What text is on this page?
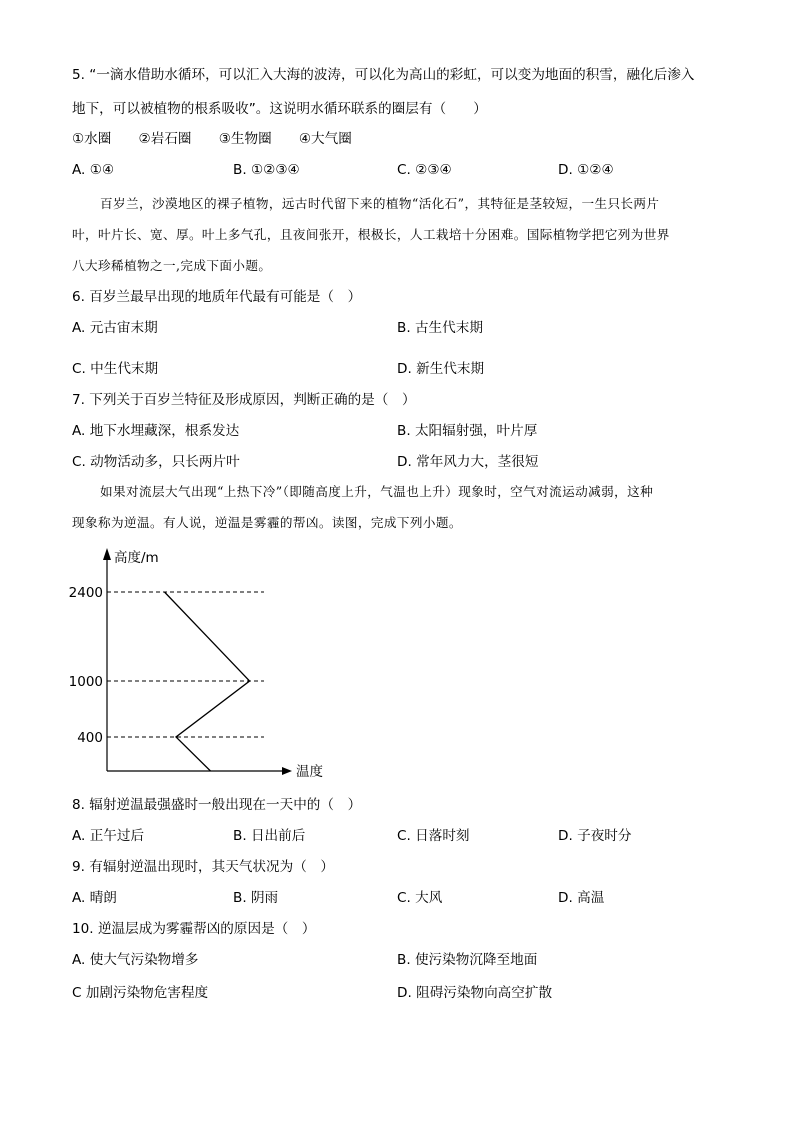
5. “一滴水借助水循环，可以汇入大海的波涛，可以化为高山的彩虹，可以变为地面的积雪，融化后渗入
地下，可以被植物的根系吸收”。这说明水循环联系的圈层有（　　）
①水圈　　②岩石圈　　③生物圈　　④大气圈
A. ①④	B. ①②③④	C. ②③④	D. ①②④
百岁兰，沙漠地区的裸子植物，远古时代留下来的植物“活化石”，其特征是茎较短，一生只长两片
叶，叶片长、宽、厚。叶上多气孔，且夜间张开，根极长，人工栽培十分困难。国际植物学把它列为世界
八大珍稀植物之一,完成下面小题。
6. 百岁兰最早出现的地质年代最有可能是（　）
A. 元古宙末期	B. 古生代末期
C. 中生代末期	D. 新生代末期
7. 下列关于百岁兰特征及形成原因，判断正确的是（　）
A. 地下水埋藏深，根系发达	B. 太阳辐射强，叶片厚
C. 动物活动多，只长两片叶	D. 常年风力大，茎很短
如果对流层大气出现“上热下冷”（即随高度上升，气温也上升）现象时，空气对流运动减弱，这种
现象称为逆温。有人说，逆温是雾霾的帮凶。读图，完成下列小题。
400
1000
2400
高度/m
温度
8. 辐射逆温最强盛时一般出现在一天中的（　）
A. 正午过后	B. 日出前后	C. 日落时刻	D. 子夜时分
9. 有辐射逆温出现时，其天气状况为（　）
A. 晴朗	B. 阴雨	C. 大风	D. 高温
10. 逆温层成为雾霾帮凶的原因是（　）
A. 使大气污染物增多	B. 使污染物沉降至地面
C 加剧污染物危害程度	D. 阻碍污染物向高空扩散
